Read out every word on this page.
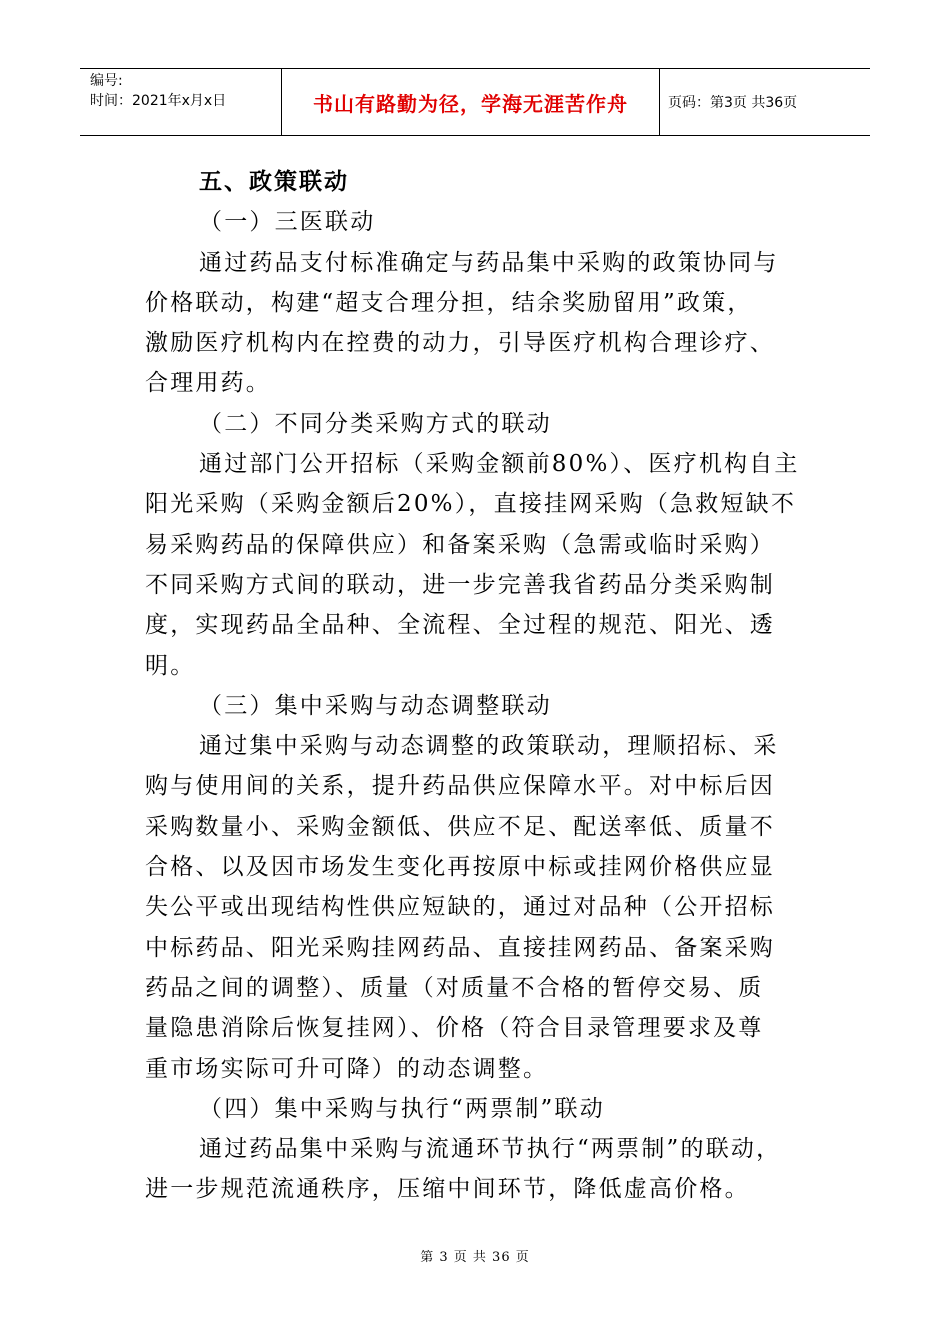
编号:
时间：2021年x月x日	书山有路勤为径，学海无涯苦作舟	页码：第3页 共36页
五、政策联动
（一）三医联动
通过药品支付标准确定与药品集中采购的政策协同与
价格联动，构建“超支合理分担，结余奖励留用”政策，
激励医疗机构内在控费的动力，引导医疗机构合理诊疗、
合理用药。
（二）不同分类采购方式的联动
通过部门公开招标（采购金额前80%）、医疗机构自主
阳光采购（采购金额后20%），直接挂网采购（急救短缺不
易采购药品的保障供应）和备案采购（急需或临时采购）
不同采购方式间的联动，进一步完善我省药品分类采购制
度，实现药品全品种、全流程、全过程的规范、阳光、透
明。
（三）集中采购与动态调整联动
通过集中采购与动态调整的政策联动，理顺招标、采
购与使用间的关系，提升药品供应保障水平。对中标后因
采购数量小、采购金额低、供应不足、配送率低、质量不
合格、以及因市场发生变化再按原中标或挂网价格供应显
失公平或出现结构性供应短缺的，通过对品种（公开招标
中标药品、阳光采购挂网药品、直接挂网药品、备案采购
药品之间的调整）、质量（对质量不合格的暂停交易、质
量隐患消除后恢复挂网）、价格（符合目录管理要求及尊
重市场实际可升可降）的动态调整。
（四）集中采购与执行“两票制”联动
通过药品集中采购与流通环节执行“两票制”的联动，
进一步规范流通秩序，压缩中间环节，降低虚高价格。
第 3 页 共 36 页
